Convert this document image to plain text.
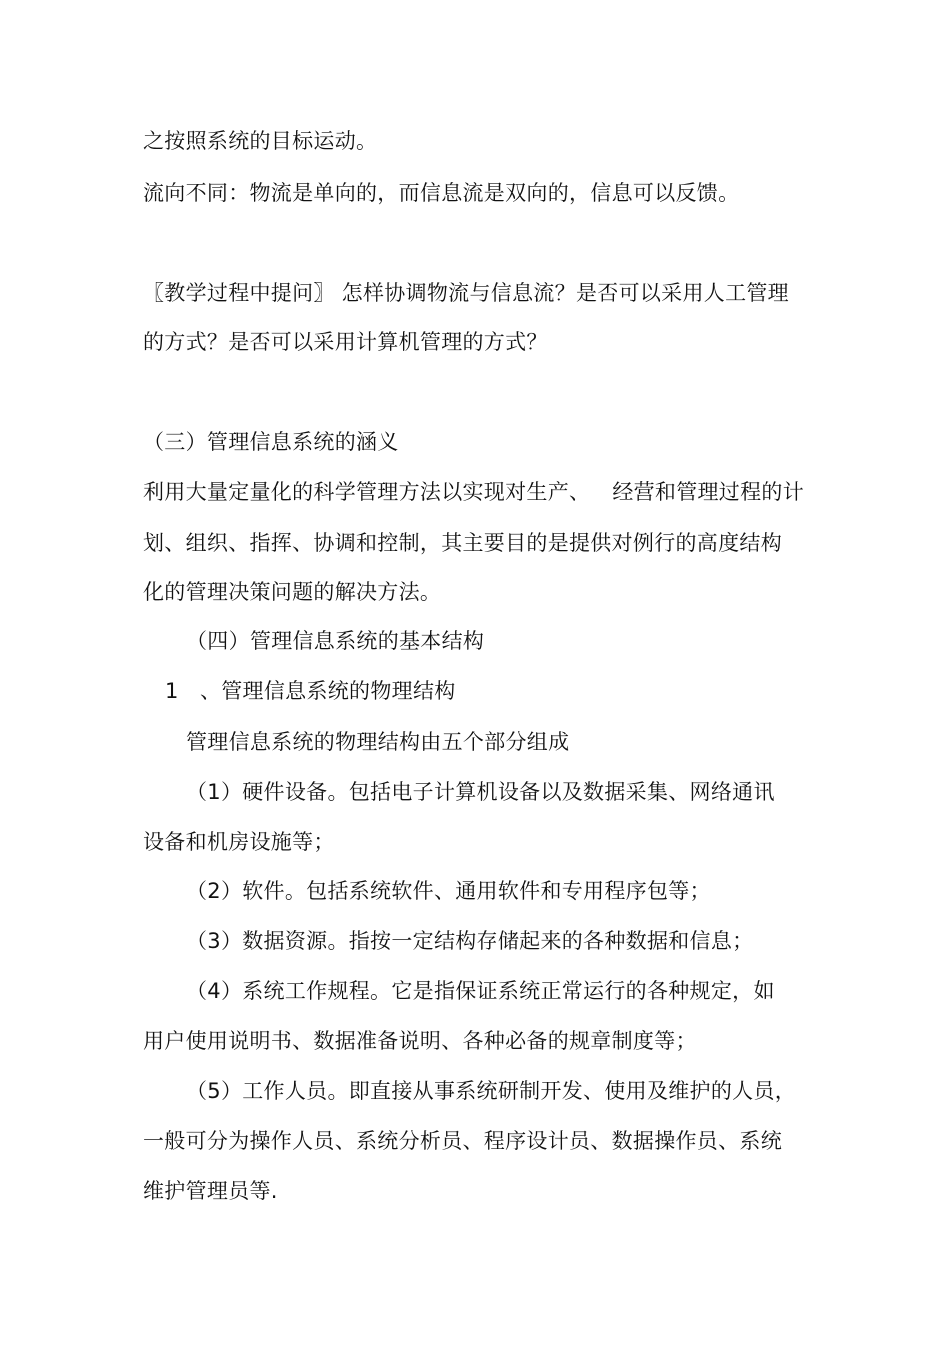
之按照系统的目标运动。
流向不同：物流是单向的，而信息流是双向的，信息可以反馈。
〖教学过程中提问〗 怎样协调物流与信息流？是否可以采用人工管理
的方式？是否可以采用计算机管理的方式？
（三）管理信息系统的涵义
利用大量定量化的科学管理方法以实现对生产、 经营和管理过程的计
划、组织、指挥、协调和控制，其主要目的是提供对例行的高度结构
化的管理决策问题的解决方法。
（四）管理信息系统的基本结构
1　、管理信息系统的物理结构
管理信息系统的物理结构由五个部分组成
（1）硬件设备。包括电子计算机设备以及数据采集、网络通讯
设备和机房设施等；
（2）软件。包括系统软件、通用软件和专用程序包等；
（3）数据资源。指按一定结构存储起来的各种数据和信息；
（4）系统工作规程。它是指保证系统正常运行的各种规定，如
用户使用说明书、数据准备说明、各种必备的规章制度等；
（5）工作人员。即直接从事系统研制开发、使用及维护的人员，
一般可分为操作人员、系统分析员、程序设计员、数据操作员、系统
维护管理员等.
